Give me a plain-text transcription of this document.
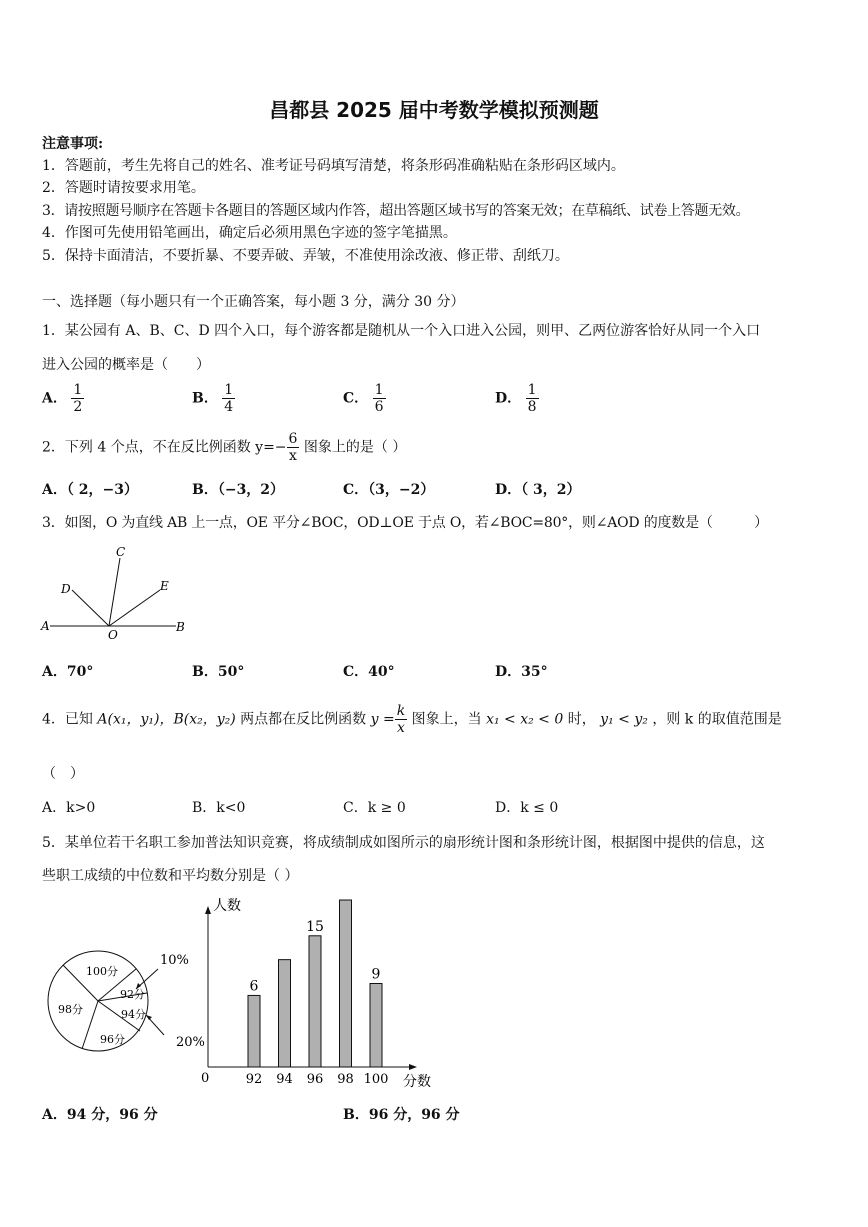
昌都县 2025 届中考数学模拟预测题
注意事项:
1．答题前，考生先将自己的姓名、准考证号码填写清楚，将条形码准确粘贴在条形码区域内。
2．答题时请按要求用笔。
3．请按照题号顺序在答题卡各题目的答题区域内作答，超出答题区域书写的答案无效；在草稿纸、试卷上答题无效。
4．作图可先使用铅笔画出，确定后必须用黑色字迹的签字笔描黑。
5．保持卡面清洁，不要折暴、不要弄破、弄皱，不准使用涂改液、修正带、刮纸刀。
一、选择题（每小题只有一个正确答案，每小题 3 分，满分 30 分）
1．某公园有 A、B、C、D 四个入口，每个游客都是随机从一个入口进入公园，则甲、乙两位游客恰好从同一个入口
进入公园的概率是（　　）
A． $\frac{1}{2}$	B． $\frac{1}{4}$	C． $\frac{1}{6}$	D． $\frac{1}{8}$
2．下列 4 个点，不在反比例函数 $y=- \frac{6}{x}$ 图象上的是（ ）
A．（ 2，−3）	B．（−3，2）	C．（3，−2）	D．（ 3，2）
3．如图，O 为直线 AB 上一点，OE 平分∠BOC，OD⊥OE 于点 O，若∠BOC=80°，则∠AOD 的度数是（　　　）
A	B
C
D	E
O
A．70°	B．50°	C．40°	D．35°
4．已知 A(x₁，y₁)，B(x₂，y₂) 两点都在反比例函数 $y = \frac{k}{x}$ 图象上，当 x₁ < x₂ < 0 时， y₁ < y₂ ，则 k 的取值范围是
（　）
A．k>0	B．k<0	C．k ≥ 0	D．k ≤ 0
5．某单位若干名职工参加普法知识竞赛，将成绩制成如图所示的扇形统计图和条形统计图，根据图中提供的信息，这
些职工成绩的中位数和平均数分别是（ ）
100分
92分
94分
96分
98分
10%
20%
人数
分数
0	92
6
94 96
15
98 100
9
A．94 分，96 分	B．96 分，96 分
